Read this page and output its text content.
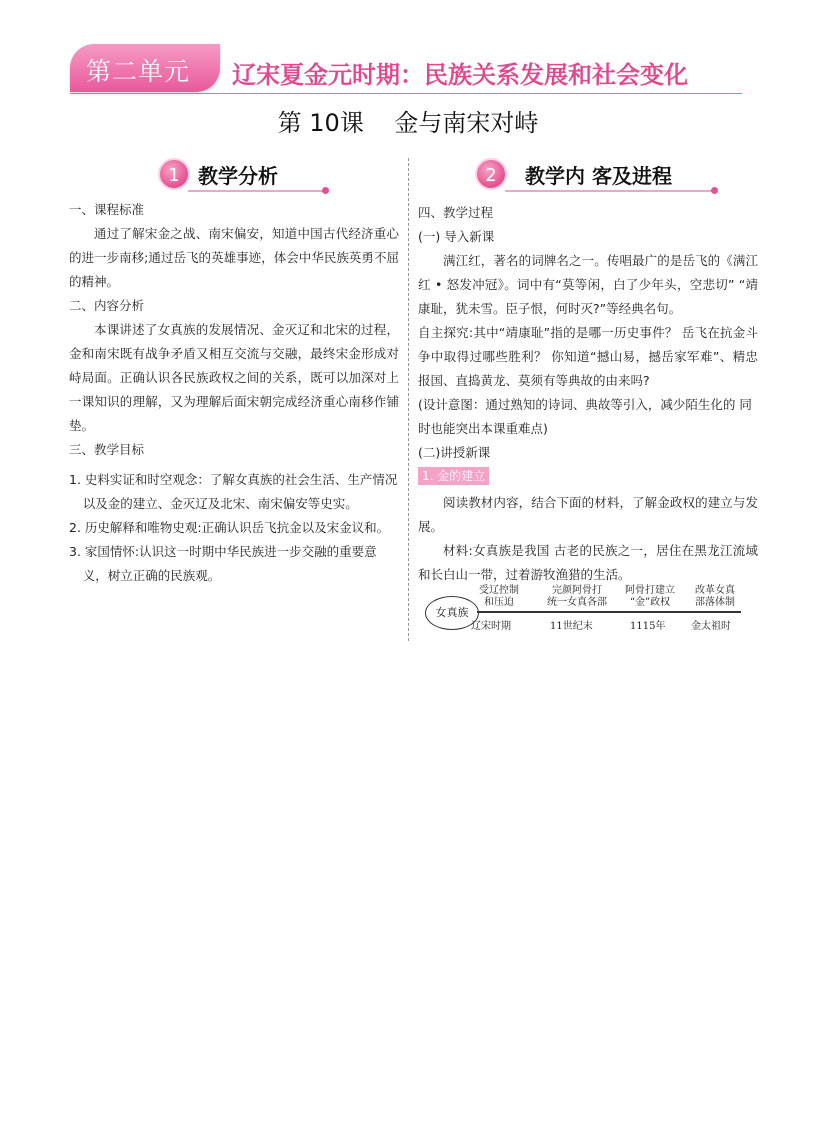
第二单元 辽宋夏金元时期：民族关系发展和社会变化
第 10课    金与南宋对峙
1 教学分析	2	教学内 客及进程
一、课程标准
通过了解宋金之战、南宋偏安，知道中国古代经济重心的进一步南移;通过岳飞的英雄事迹，体会中华民族英勇不屈的精神。
二、内容分析
本课讲述了女真族的发展情况、金灭辽和北宋的过程，金和南宋既有战争矛盾又相互交流与交融，最终宋金形成对峙局面。正确认识各民族政权之间的关系，既可以加深对上一课知识的理解，又为理解后面宋朝完成经济重心南移作铺垫。
三、教学目标
1. 史料实证和时空观念：了解女真族的社会生活、生产情况以及金的建立、金灭辽及北宋、南宋偏安等史实。
2. 历史解释和唯物史观:正确认识岳飞抗金以及宋金议和。
3. 家国情怀:认识这一时期中华民族进一步交融的重要意义，树立正确的民族观。
四、教学过程
(一) 导入新课
满江红，著名的词牌名之一。传唱最广的是岳飞的《满江红 • 怒发冲冠》。词中有“莫等闲，白了少年头，空悲切” “靖康耻，犹未雪。臣子恨，何时灭?”等经典名句。
自主探究:其中“靖康耻”指的是哪一历史事件？ 岳飞在抗金斗争中取得过哪些胜利？ 你知道“撼山易，撼岳家军难”、精忠报国、直捣黄龙、莫须有等典故的由来吗?
(设计意图：通过熟知的诗词、典故等引入，减少陌生化的 同 时也能突出本课重难点)
(二)讲授新课
1. 金的建立
阅读教材内容，结合下面的材料，了解金政权的建立与发展。
材料:女真族是我国 古老的民族之一，居住在黑龙江流域和长白山一带，过着游牧渔猎的生活。
女真族
受辽控制
和压迫
辽宋时期
完颜阿骨打
统一女真各部
11世纪末
阿骨打建立
“金”政权
1115年
改革女真
部落体制
金太祖时
